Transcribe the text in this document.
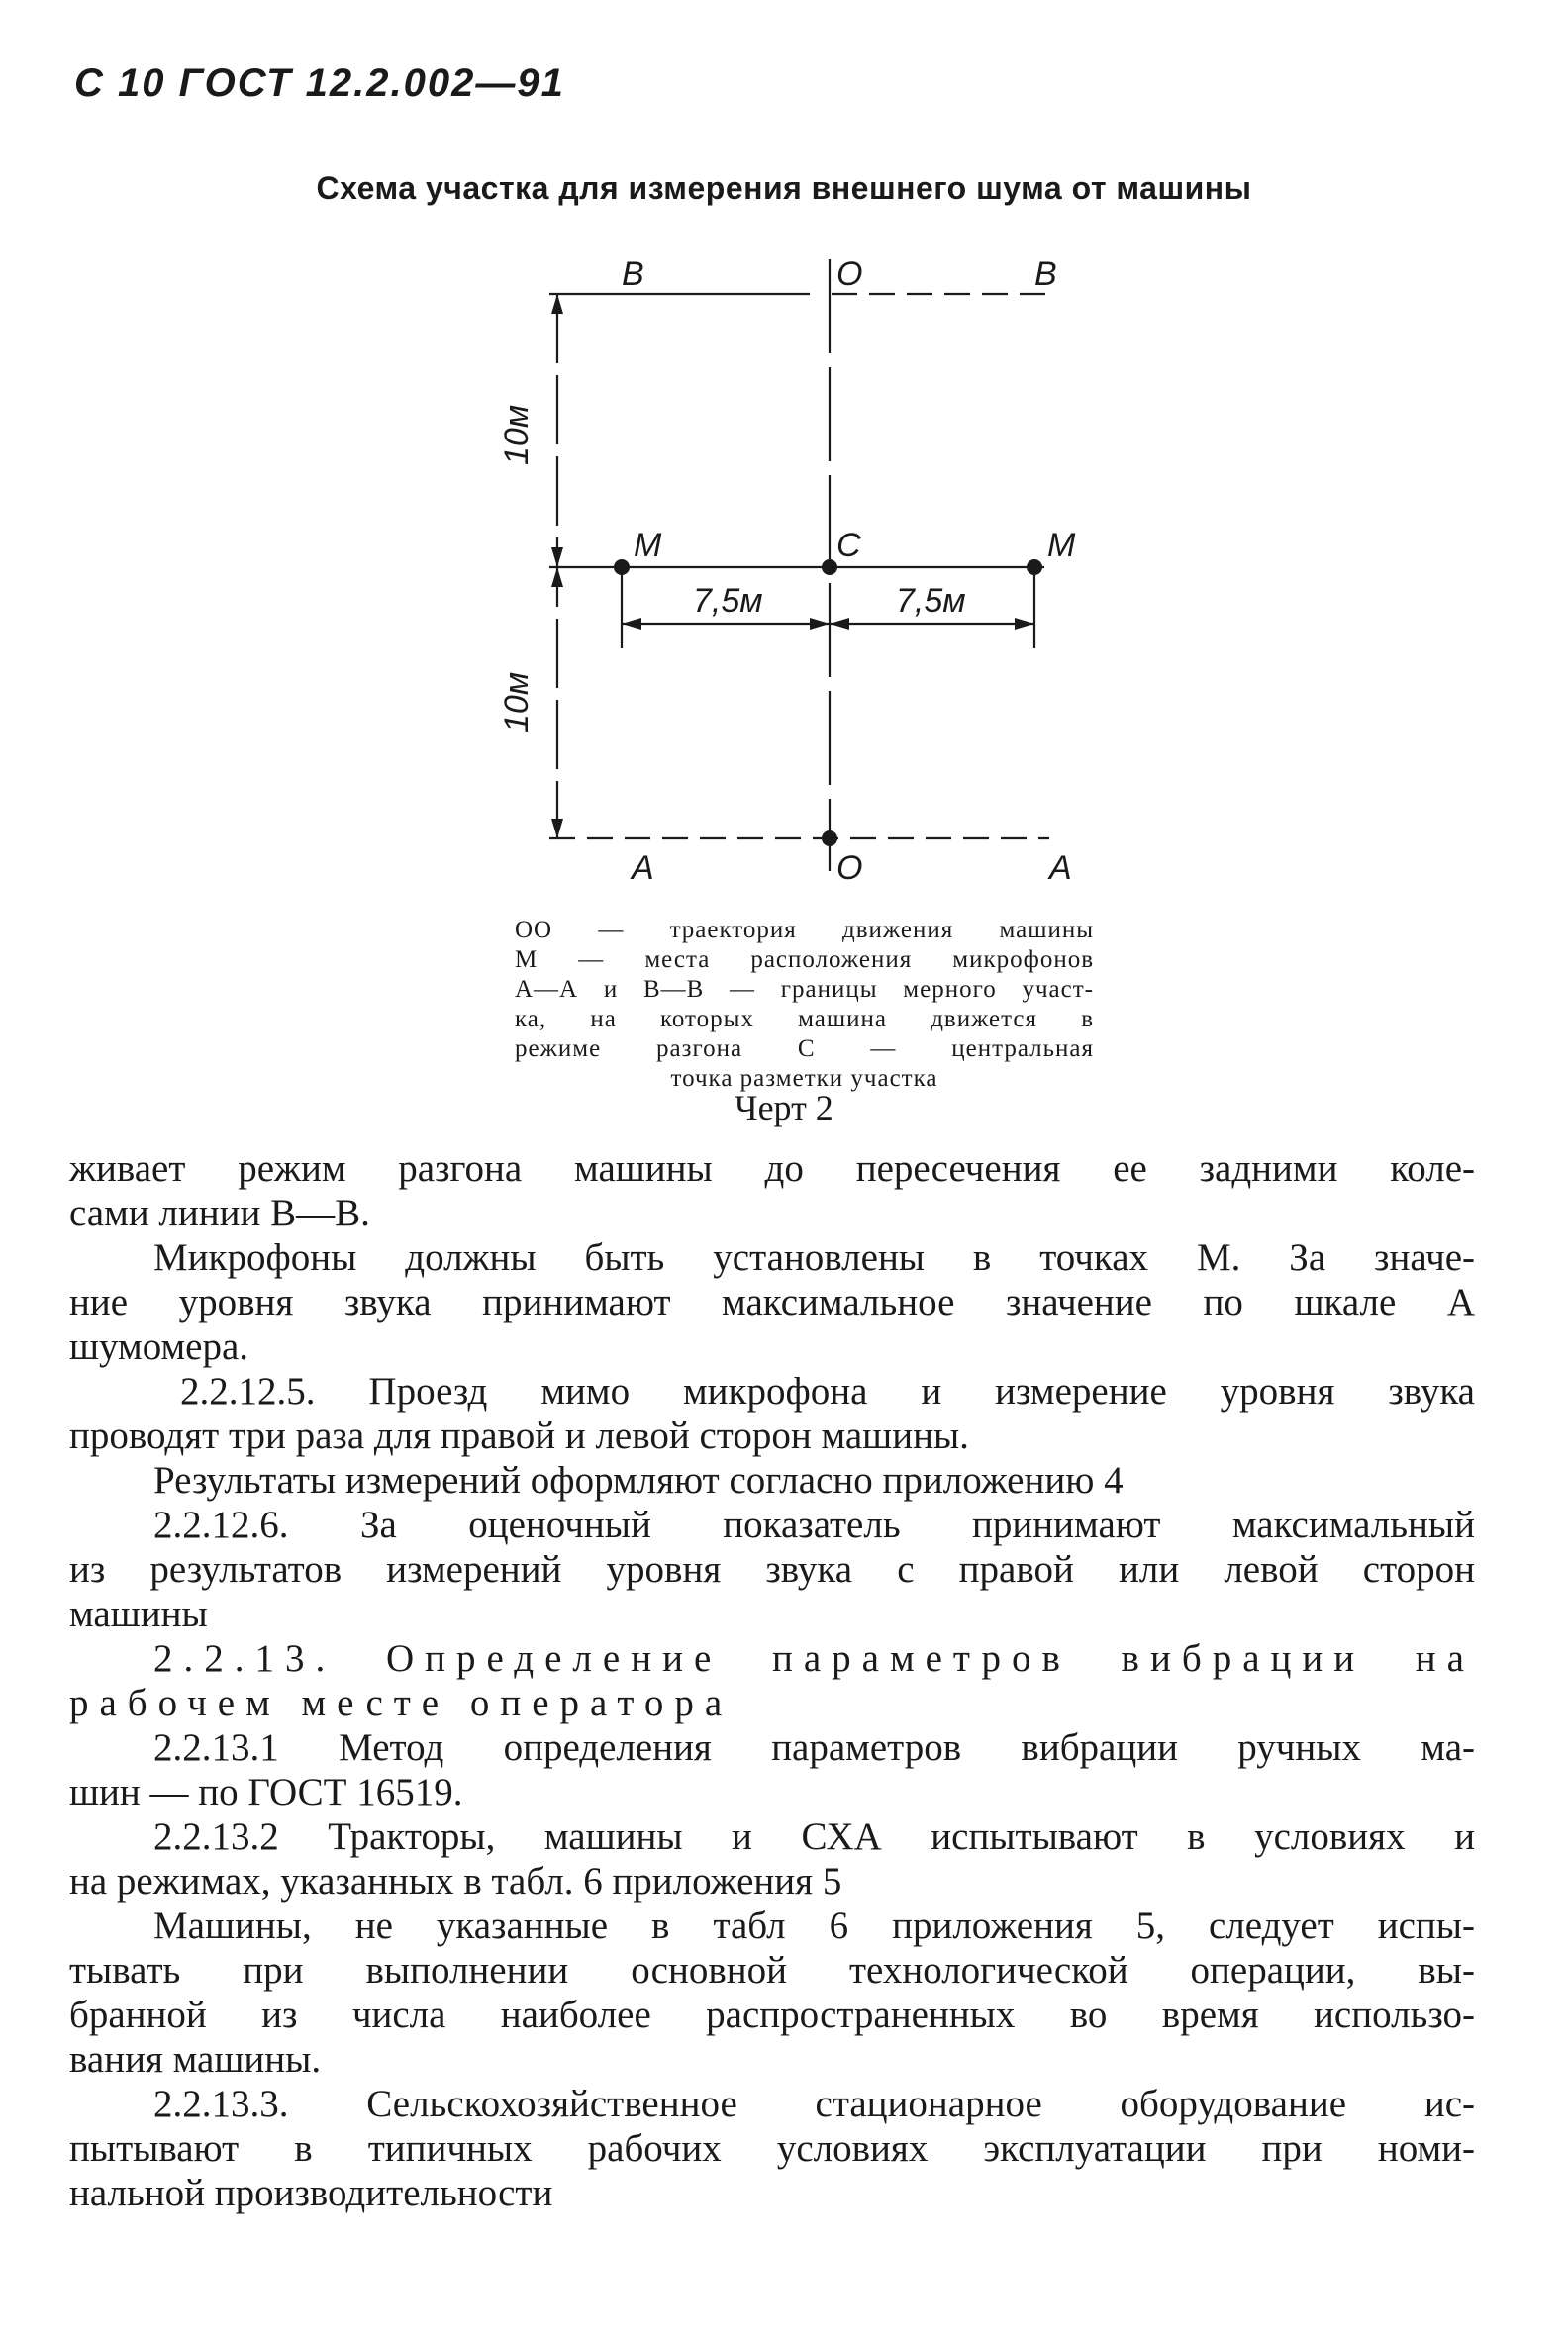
С 10 ГОСТ 12.2.002—91
Схема участка для измерения внешнего шума от машины
В	О	В
М	С	М
А	О	А
10м
10м
7,5м	7,5м
ОО — траектория движения машины
М — места расположения микрофонов
А—А и В—В — границы мерного участ-
ка, на которых машина движется в
режиме разгона С — центральная
точка разметки участка
Черт 2
живает режим разгона машины до пересечения ее задними коле-
сами линии В—В.
Микрофоны должны быть установлены в точках М. За значе-
ние уровня звука принимают максимальное значение по шкале А
шумомера.
2.2.12.5. Проезд мимо микрофона и измерение уровня звука
проводят три раза для правой и левой сторон машины.
Результаты измерений оформляют согласно приложению 4
2.2.12.6. За оценочный показатель принимают максимальный
из результатов измерений уровня звука с правой или левой сторон
машины
2.2.13. Определение параметров вибрации на
рабочем месте оператора
2.2.13.1 Метод определения параметров вибрации ручных ма-
шин — по ГОСТ 16519.
2.2.13.2 Тракторы, машины и СХА испытывают в условиях и
на режимах, указанных в табл. 6 приложения 5
Машины, не указанные в табл 6 приложения 5, следует испы-
тывать при выполнении основной технологической операции, вы-
бранной из числа наиболее распространенных во время использо-
вания машины.
2.2.13.3. Сельскохозяйственное стационарное оборудование ис-
пытывают в типичных рабочих условиях эксплуатации при номи-
нальной производительности
